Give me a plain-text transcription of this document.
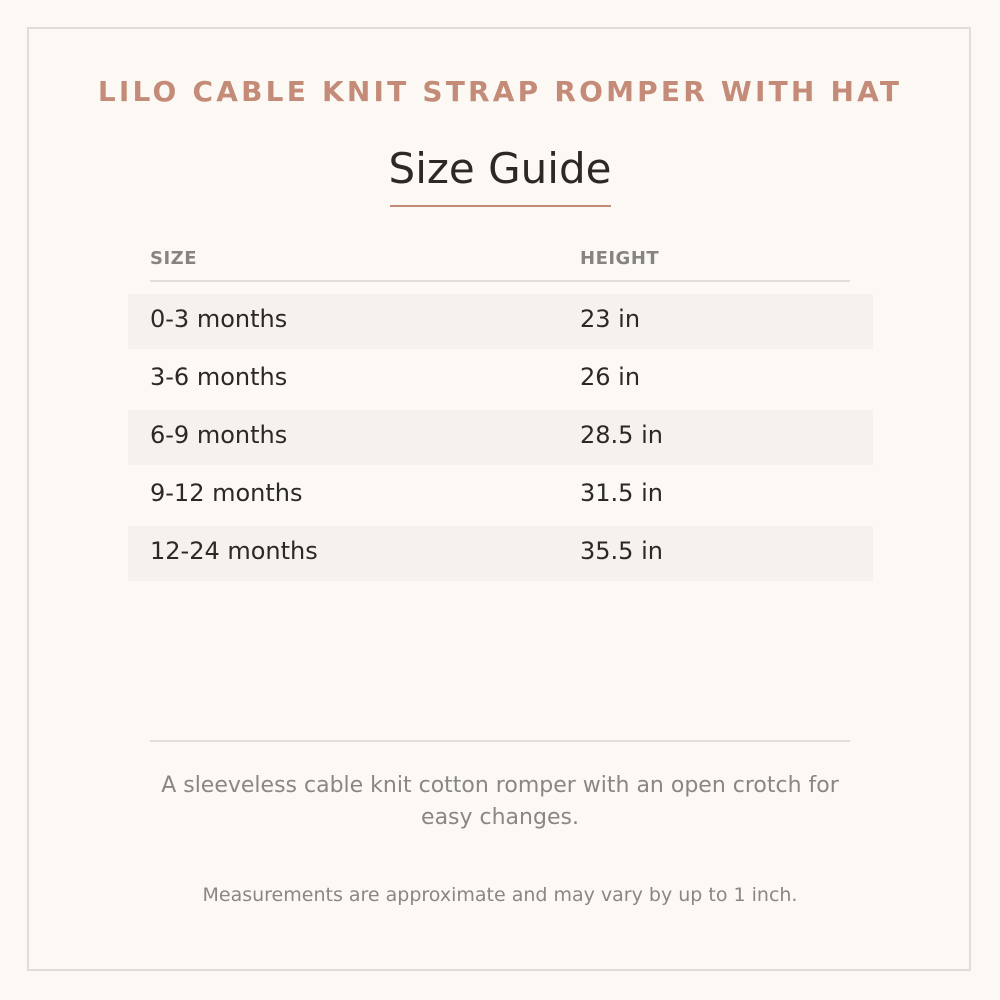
LILO CABLE KNIT STRAP ROMPER WITH HAT
Size Guide
SIZE	HEIGHT
0-3 months	23 in
3-6 months	26 in
6-9 months	28.5 in
9-12 months	31.5 in
12-24 months	35.5 in
A sleeveless cable knit cotton romper with an open crotch for easy changes.
Measurements are approximate and may vary by up to 1 inch.
